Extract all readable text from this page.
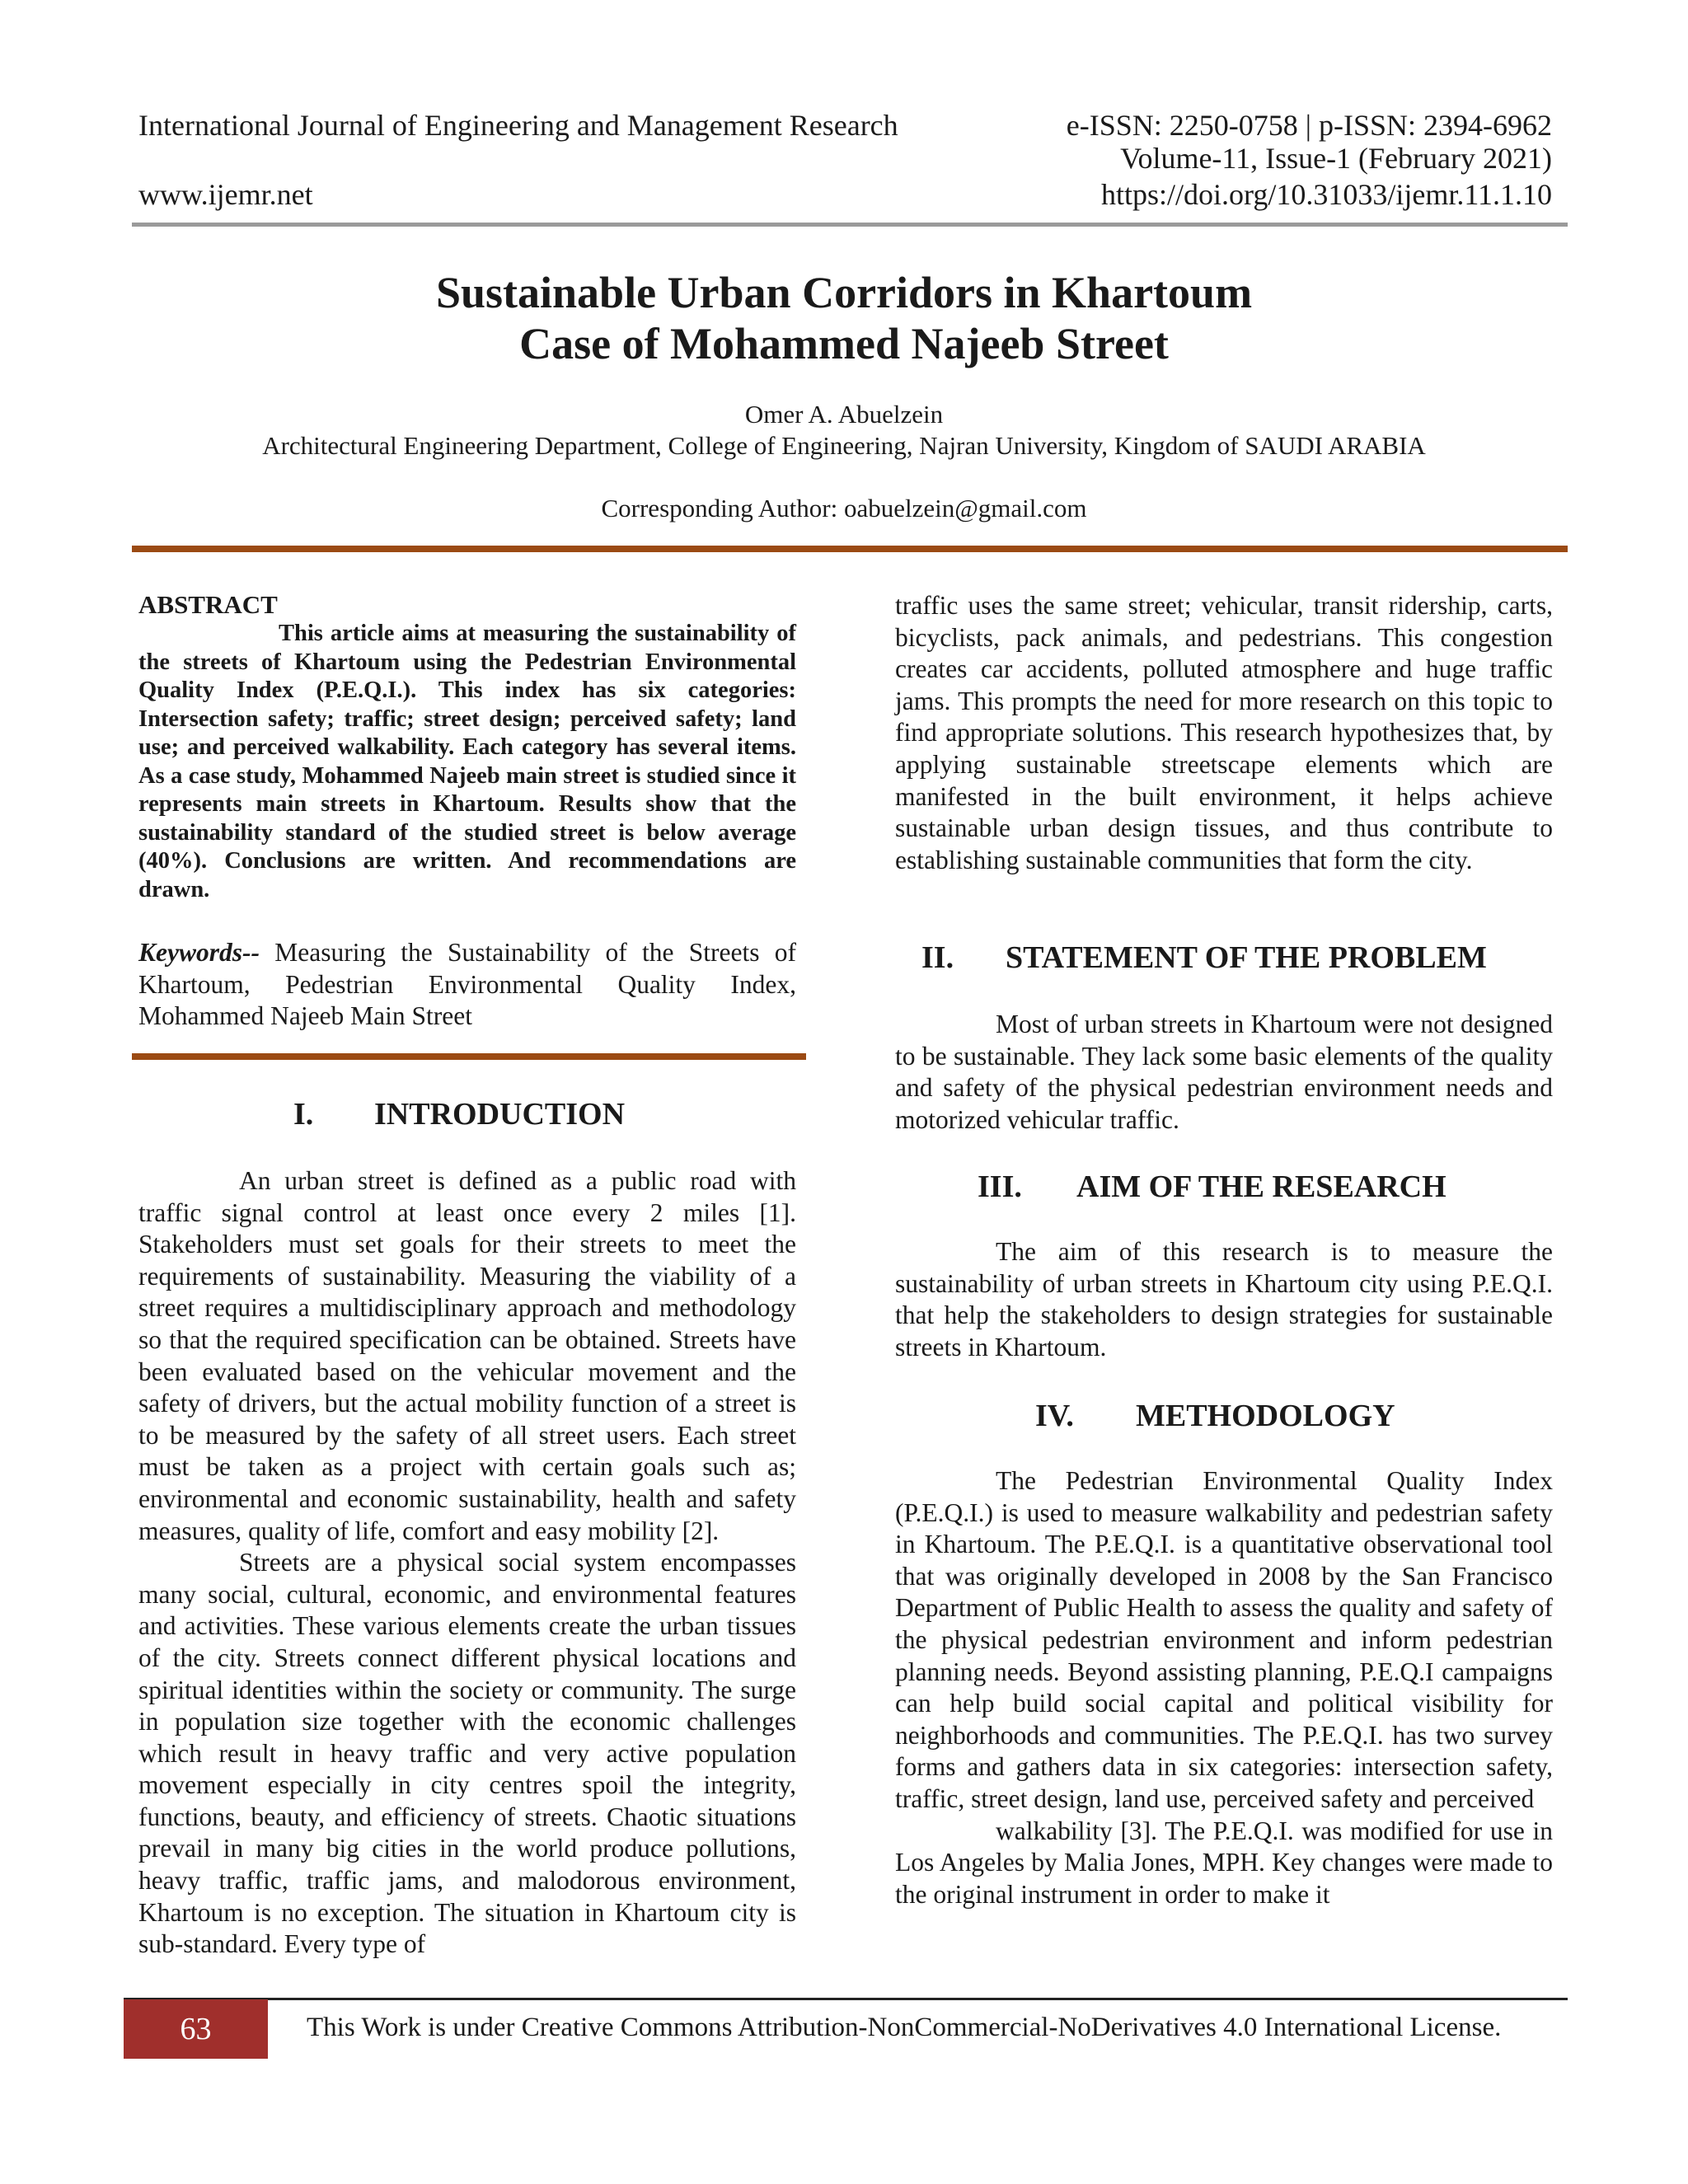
International Journal of Engineering and Management Research	e-ISSN: 2250-0758 | p-ISSN: 2394-6962
Volume-11, Issue-1 (February 2021)
www.ijemr.net	https://doi.org/10.31033/ijemr.11.1.10
Sustainable Urban Corridors in Khartoum
Case of Mohammed Najeeb Street
Omer A. Abuelzein
Architectural Engineering Department, College of Engineering, Najran University, Kingdom of SAUDI ARABIA
Corresponding Author: oabuelzein@gmail.com
ABSTRACT

This article aims at measuring the sustainability of the streets of Khartoum using the Pedestrian Environmental Quality Index (P.E.Q.I.). This index has six categories: Intersection safety; traffic; street design; perceived safety; land use; and perceived walkability. Each category has several items. As a case study, Mohammed Najeeb main street is studied since it represents main streets in Khartoum. Results show that the sustainability standard of the studied street is below average (40%). Conclusions are written. And recommendations are drawn.

Keywords-- Measuring the Sustainability of the Streets of Khartoum, Pedestrian Environmental Quality Index, Mohammed Najeeb Main Street

I. INTRODUCTION

An urban street is defined as a public road with traffic signal control at least once every 2 miles [1]. Stakeholders must set goals for their streets to meet the requirements of sustainability. Measuring the viability of a street requires a multidisciplinary approach and methodology so that the required specification can be obtained. Streets have been evaluated based on the vehicular movement and the safety of drivers, but the actual mobility function of a street is to be measured by the safety of all street users. Each street must be taken as a project with certain goals such as; environmental and economic sustainability, health and safety measures, quality of life, comfort and easy mobility [2].

Streets are a physical social system encompasses many social, cultural, economic, and environmental features and activities. These various elements create the urban tissues of the city. Streets connect different physical locations and spiritual identities within the society or community. The surge in population size together with the economic challenges which result in heavy traffic and very active population movement especially in city centres spoil the integrity, functions, beauty, and efficiency of streets. Chaotic situations prevail in many big cities in the world produce pollutions, heavy traffic, traffic jams, and malodorous environment, Khartoum is no exception. The situation in Khartoum city is sub-standard. Every type of

traffic uses the same street; vehicular, transit ridership, carts, bicyclists, pack animals, and pedestrians. This congestion creates car accidents, polluted atmosphere and huge traffic jams. This prompts the need for more research on this topic to find appropriate solutions. This research hypothesizes that, by applying sustainable streetscape elements which are manifested in the built environment, it helps achieve sustainable urban design tissues, and thus contribute to establishing sustainable communities that form the city.

II. STATEMENT OF THE PROBLEM

Most of urban streets in Khartoum were not designed to be sustainable. They lack some basic elements of the quality and safety of the physical pedestrian environment needs and motorized vehicular traffic.

III. AIM OF THE RESEARCH

The aim of this research is to measure the sustainability of urban streets in Khartoum city using P.E.Q.I. that help the stakeholders to design strategies for sustainable streets in Khartoum.

IV. METHODOLOGY

The Pedestrian Environmental Quality Index (P.E.Q.I.) is used to measure walkability and pedestrian safety in Khartoum. The P.E.Q.I. is a quantitative observational tool that was originally developed in 2008 by the San Francisco Department of Public Health to assess the quality and safety of the physical pedestrian environment and inform pedestrian planning needs. Beyond assisting planning, P.E.Q.I campaigns can help build social capital and political visibility for neighborhoods and communities. The P.E.Q.I. has two survey forms and gathers data in six categories: intersection safety, traffic, street design, land use, perceived safety and perceived

walkability [3]. The P.E.Q.I. was modified for use in Los Angeles by Malia Jones, MPH. Key changes were made to the original instrument in order to make it

63	This Work is under Creative Commons Attribution-NonCommercial-NoDerivatives 4.0 International License.
